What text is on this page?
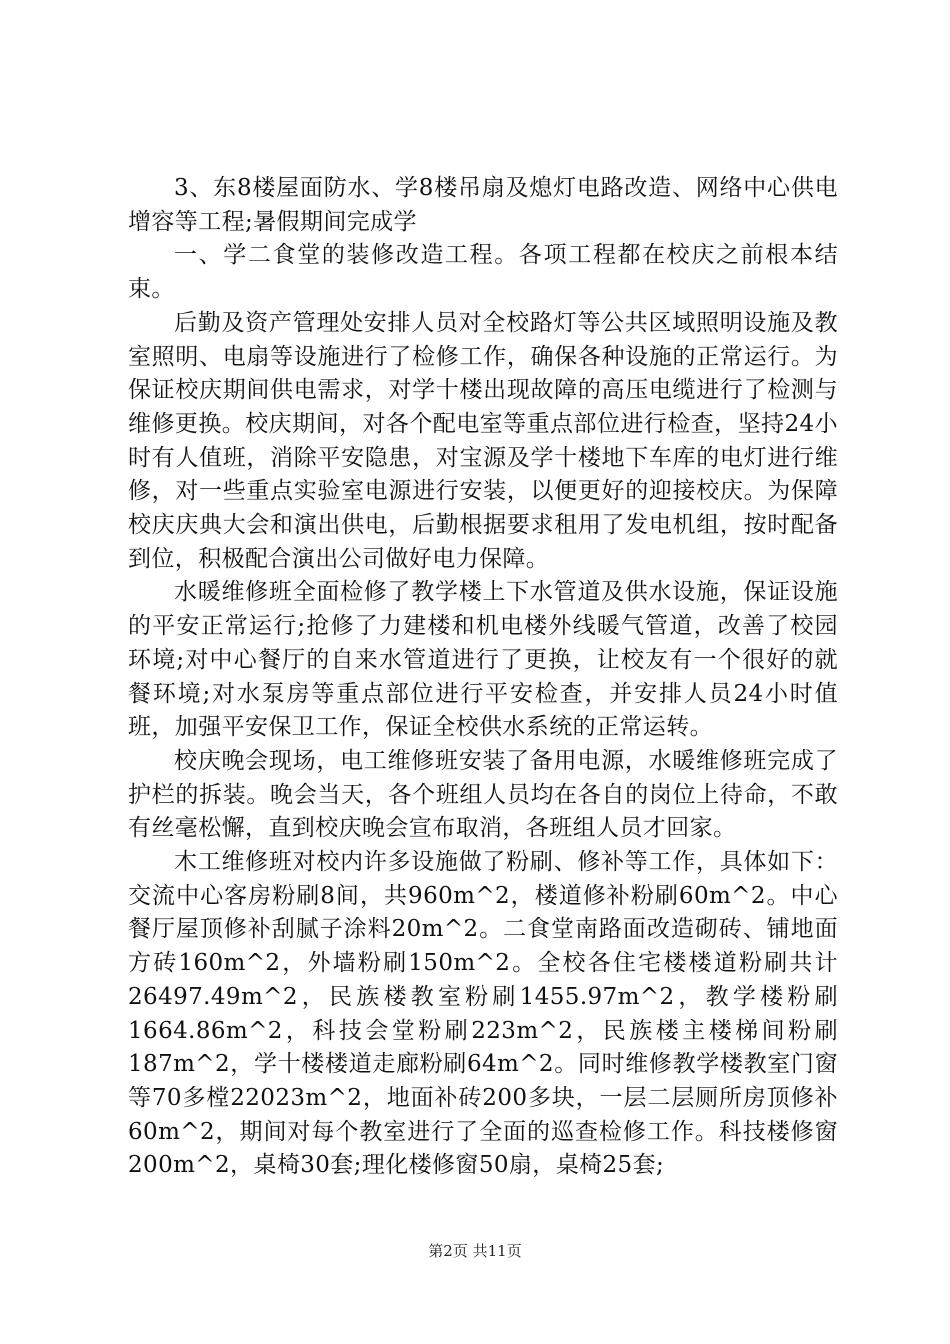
3、东8楼屋面防水、学8楼吊扇及熄灯电路改造、网络中心供电增容等工程;暑假期间完成学

一、学二食堂的装修改造工程。各项工程都在校庆之前根本结束。

后勤及资产管理处安排人员对全校路灯等公共区域照明设施及教室照明、电扇等设施进行了检修工作，确保各种设施的正常运行。为保证校庆期间供电需求，对学十楼出现故障的高压电缆进行了检测与维修更换。校庆期间，对各个配电室等重点部位进行检查，坚持24小时有人值班，消除平安隐患，对宝源及学十楼地下车库的电灯进行维修，对一些重点实验室电源进行安装，以便更好的迎接校庆。为保障校庆庆典大会和演出供电，后勤根据要求租用了发电机组，按时配备到位，积极配合演出公司做好电力保障。

水暖维修班全面检修了教学楼上下水管道及供水设施，保证设施的平安正常运行;抢修了力建楼和机电楼外线暖气管道，改善了校园环境;对中心餐厅的自来水管道进行了更换，让校友有一个很好的就餐环境;对水泵房等重点部位进行平安检查，并安排人员24小时值班，加强平安保卫工作，保证全校供水系统的正常运转。

校庆晚会现场，电工维修班安装了备用电源，水暖维修班完成了护栏的拆装。晚会当天，各个班组人员均在各自的岗位上待命，不敢有丝毫松懈，直到校庆晚会宣布取消，各班组人员才回家。

木工维修班对校内许多设施做了粉刷、修补等工作，具体如下：交流中心客房粉刷8间，共960m^2，楼道修补粉刷60m^2。中心餐厅屋顶修补刮腻子涂料20m^2。二食堂南路面改造砌砖、铺地面方砖160m^2，外墙粉刷150m^2。全校各住宅楼楼道粉刷共计26497.49m^2，民族楼教室粉刷1455.97m^2，教学楼粉刷1664.86m^2，科技会堂粉刷223m^2，民族楼主楼梯间粉刷187m^2，学十楼楼道走廊粉刷64m^2。同时维修教学楼教室门窗等70多樘22023m^2，地面补砖200多块，一层二层厕所房顶修补60m^2，期间对每个教室进行了全面的巡查检修工作。科技楼修窗200m^2，桌椅30套;理化楼修窗50扇，桌椅25套;

第2页 共11页
